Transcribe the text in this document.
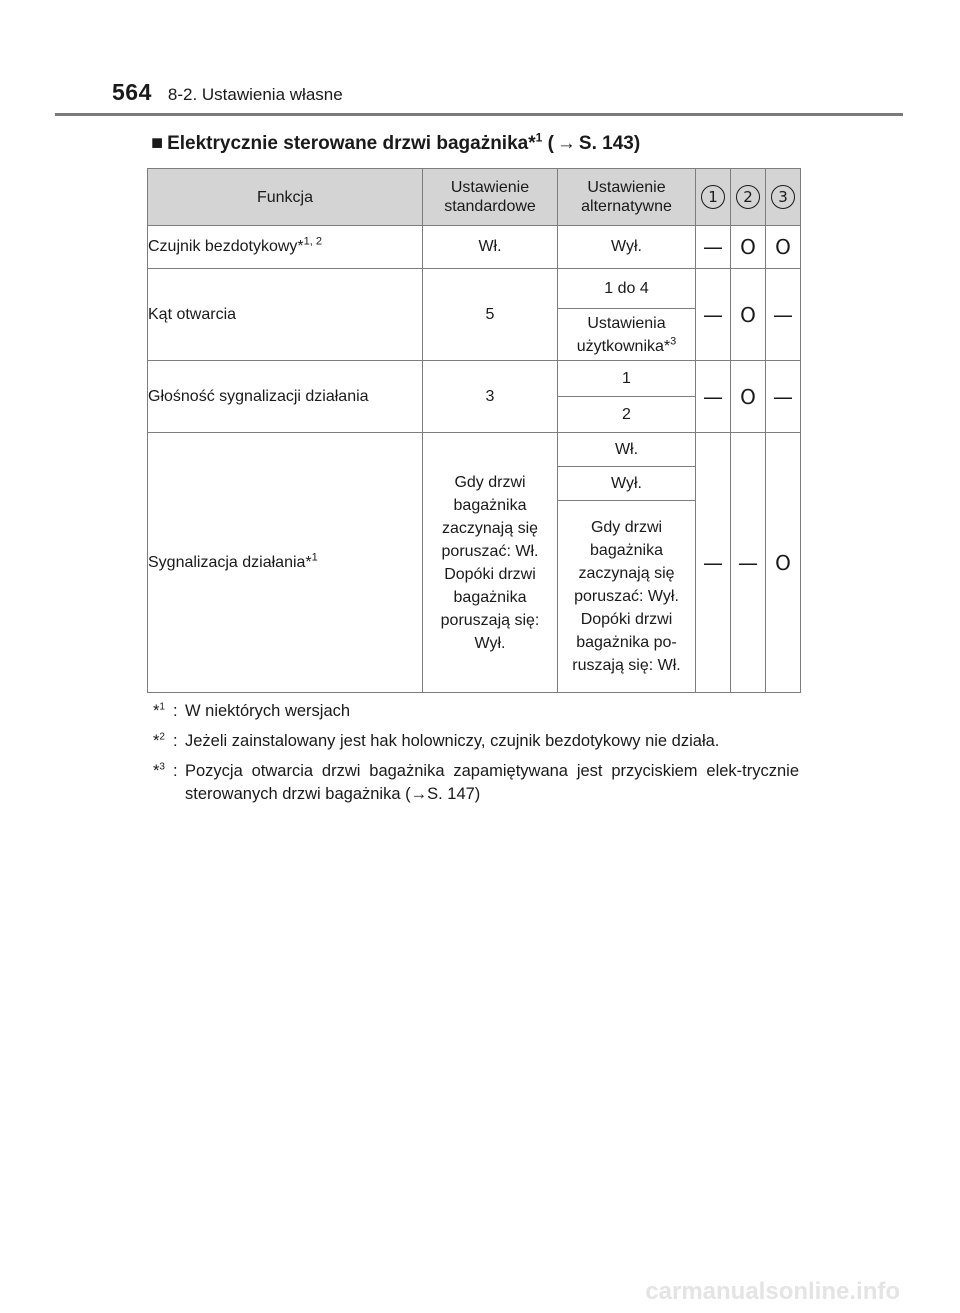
564 8-2. Ustawienia własne
■ Elektrycznie sterowane drzwi bagażnika*$^1$ ( → S. 143)
Funkcja	Ustawienie standardowe	Ustawienie alternatywne	1	2	3
Czujnik bezdotykowy*$^{1, 2}$	Wł.	Wył.	—	O	O
Kąt otwarcia	5	1 do 4	—	O	—
		Ustawienia użytkownika*$^3$
Głośność sygnalizacji działania	3	1	—	O	—
		2			
Sygnalizacja działania*$^1$	Gdy drzwi bagażnika zaczynają się poruszać: Wł. Dopóki drzwi bagażnika poruszają się: Wył.	Wł.	—	—	O
		Wył.			
		Gdy drzwi bagażnika zaczynają się poruszać: Wył. Dopóki drzwi bagażnika po-ruszają się: Wł.			
*$^1$ : W niektórych wersjach
*$^2$ : Jeżeli zainstalowany jest hak holowniczy, czujnik bezdotykowy nie działa.
*$^3$ : Pozycja otwarcia drzwi bagażnika zapamiętywana jest przyciskiem elek-trycznie sterowanych drzwi bagażnika (→S. 147)
carmanualsonline.info
